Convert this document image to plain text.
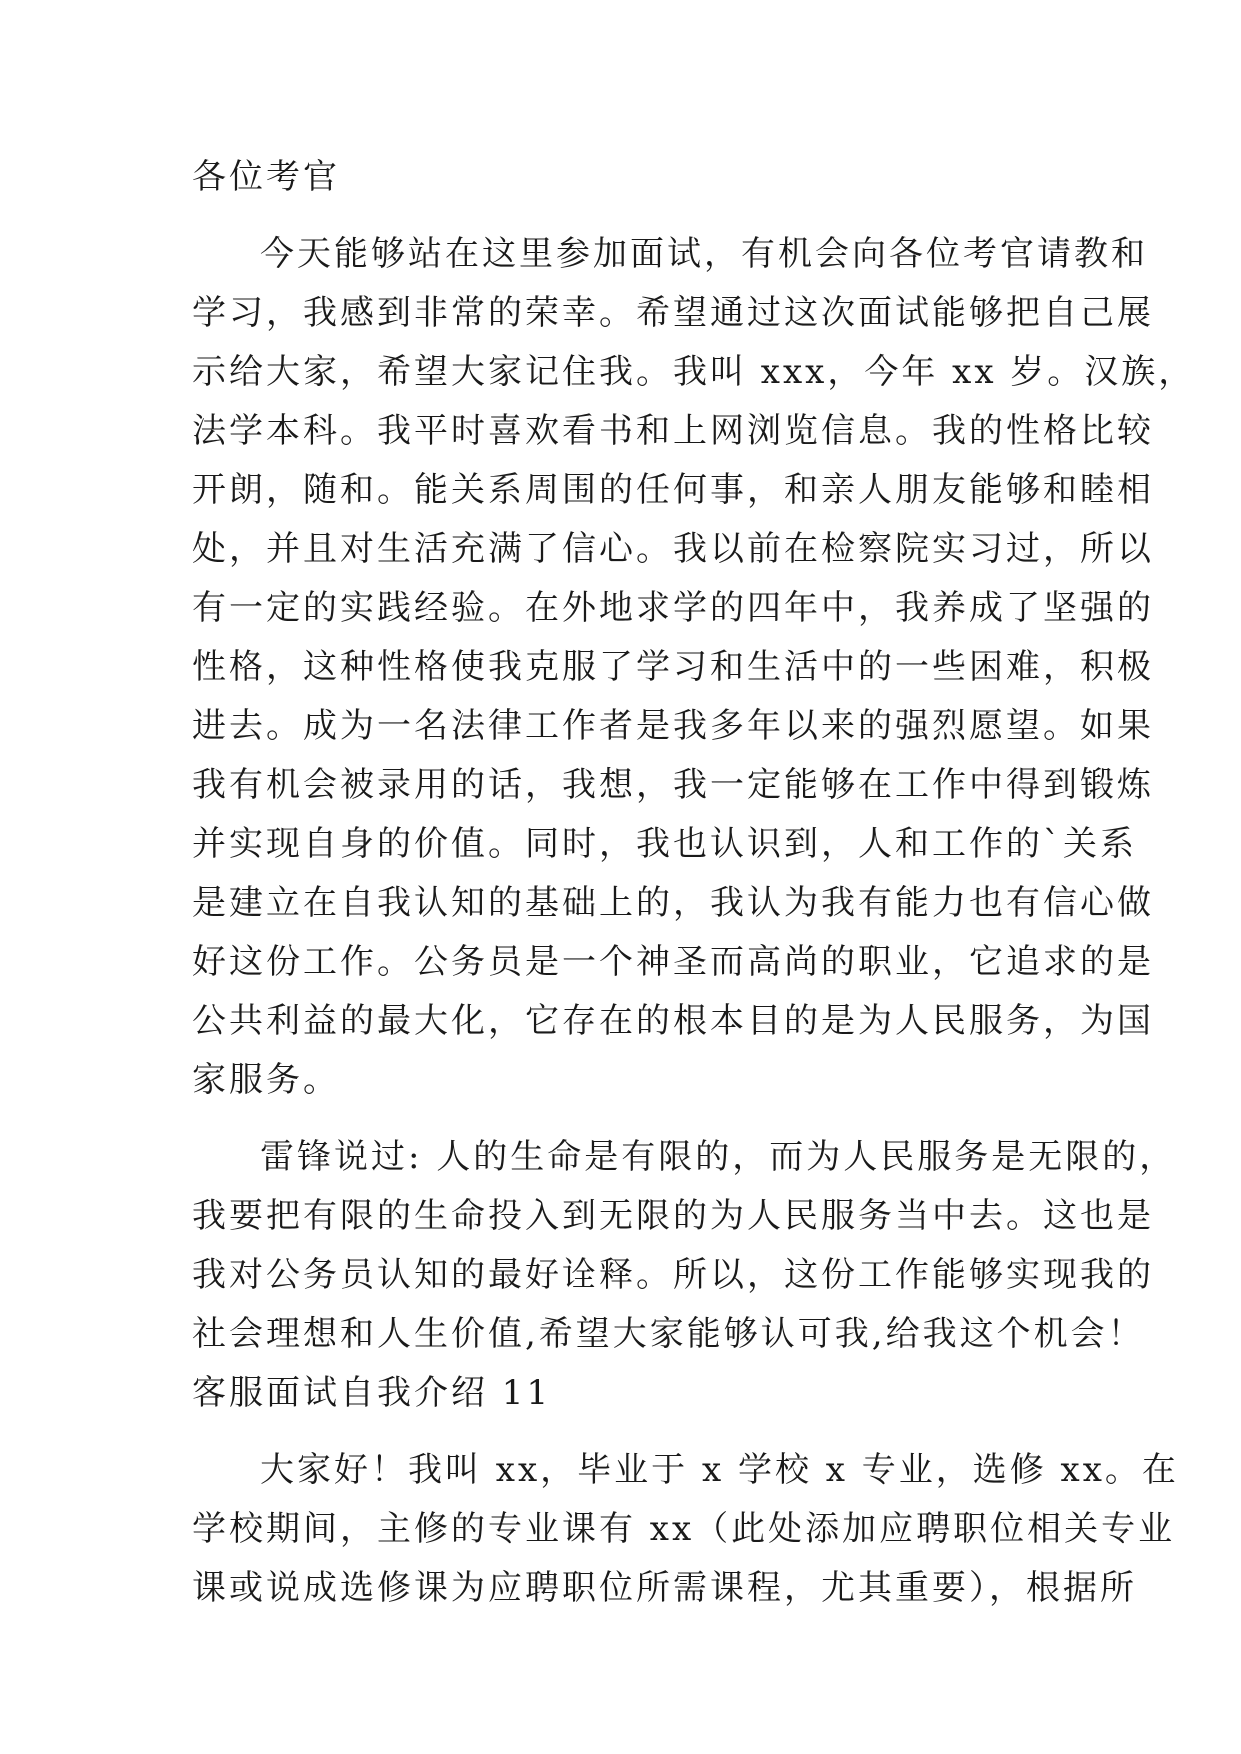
各位考官
今天能够站在这里参加面试，有机会向各位考官请教和
学习，我感到非常的荣幸。希望通过这次面试能够把自己展
示给大家，希望大家记住我。我叫 xxx，今年 xx 岁。汉族，
法学本科。我平时喜欢看书和上网浏览信息。我的性格比较
开朗，随和。能关系周围的任何事，和亲人朋友能够和睦相
处，并且对生活充满了信心。我以前在检察院实习过，所以
有一定的实践经验。在外地求学的四年中，我养成了坚强的
性格，这种性格使我克服了学习和生活中的一些困难，积极
进去。成为一名法律工作者是我多年以来的强烈愿望。如果
我有机会被录用的话，我想，我一定能够在工作中得到锻炼
并实现自身的价值。同时，我也认识到，人和工作的`关系
是建立在自我认知的基础上的，我认为我有能力也有信心做
好这份工作。公务员是一个神圣而高尚的职业，它追求的是
公共利益的最大化，它存在的根本目的是为人民服务，为国
家服务。
雷锋说过: 人的生命是有限的，而为人民服务是无限的，
我要把有限的生命投入到无限的为人民服务当中去。这也是
我对公务员认知的最好诠释。所以，这份工作能够实现我的
社会理想和人生价值,希望大家能够认可我,给我这个机会！
客服面试自我介绍 11
大家好！我叫 xx，毕业于 x 学校 x 专业，选修 xx。在
学校期间，主修的专业课有 xx（此处添加应聘职位相关专业
课或说成选修课为应聘职位所需课程，尤其重要），根据所
